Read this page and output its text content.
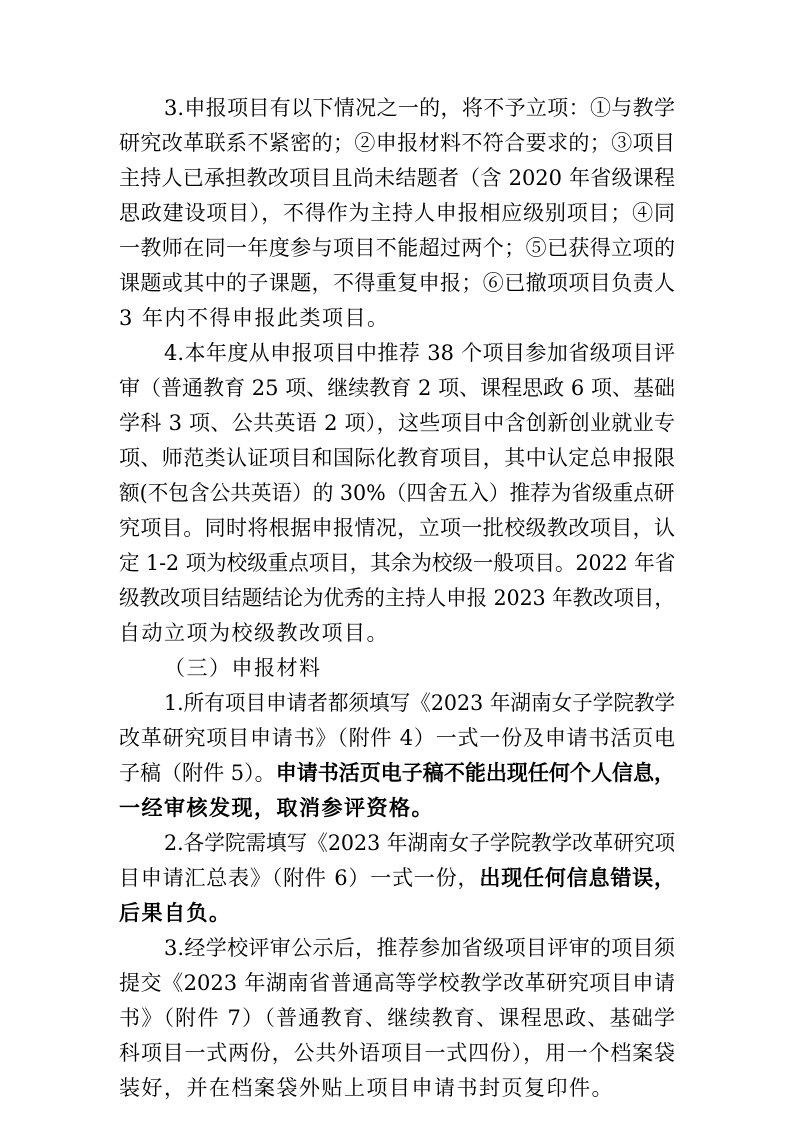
3.申报项目有以下情况之一的，将不予立项：①与教学
研究改革联系不紧密的；②申报材料不符合要求的；③项目
主持人已承担教改项目且尚未结题者（含 2020 年省级课程
思政建设项目），不得作为主持人申报相应级别项目；④同
一教师在同一年度参与项目不能超过两个；⑤已获得立项的
课题或其中的子课题，不得重复申报；⑥已撤项项目负责人
3 年内不得申报此类项目。
4.本年度从申报项目中推荐 38 个项目参加省级项目评
审（普通教育 25 项、继续教育 2 项、课程思政 6 项、基础
学科 3 项、公共英语 2 项），这些项目中含创新创业就业专
项、师范类认证项目和国际化教育项目，其中认定总申报限
额(不包含公共英语）的 30%（四舍五入）推荐为省级重点研
究项目。同时将根据申报情况，立项一批校级教改项目，认
定 1-2 项为校级重点项目，其余为校级一般项目。2022 年省
级教改项目结题结论为优秀的主持人申报 2023 年教改项目，
自动立项为校级教改项目。
（三）申报材料
1.所有项目申请者都须填写《2023 年湖南女子学院教学
改革研究项目申请书》（附件 4）一式一份及申请书活页电
子稿（附件 5）。申请书活页电子稿不能出现任何个人信息，
一经审核发现，取消参评资格。
2.各学院需填写《2023 年湖南女子学院教学改革研究项
目申请汇总表》（附件 6）一式一份，出现任何信息错误，
后果自负。
3.经学校评审公示后，推荐参加省级项目评审的项目须
提交《2023 年湖南省普通高等学校教学改革研究项目申请
书》（附件 7）（普通教育、继续教育、课程思政、基础学
科项目一式两份，公共外语项目一式四份），用一个档案袋
装好，并在档案袋外贴上项目申请书封页复印件。
